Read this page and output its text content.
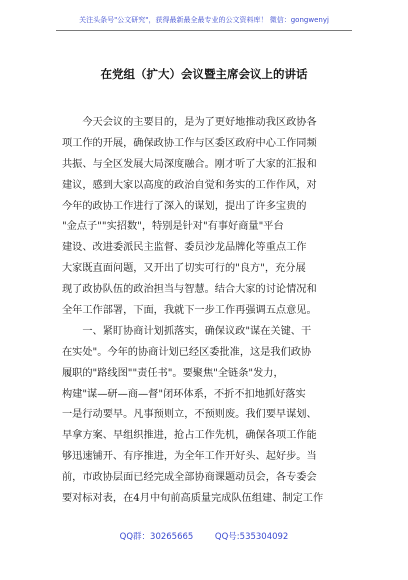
关注头条号"公文研究"，获得最新最全最专业的公文资料库！ 微信：gongwenyj
在党组（扩大）会议暨主席会议上的讲话
　　今天会议的主要目的，是为了更好地推动我区政协各
项工作的开展，确保政协工作与区委区政府中心工作同频
共振、与全区发展大局深度融合。刚才听了大家的汇报和
建议，感到大家以高度的政治自觉和务实的工作作风，对
今年的政协工作进行了深入的谋划，提出了许多宝贵的
"金点子""实招数"，特别是针对"有事好商量"平台
建设、改进委派民主监督、委员沙龙品牌化等重点工作
大家既直面问题，又开出了切实可行的"良方"，充分展
现了政协队伍的政治担当与智慧。结合大家的讨论情况和
全年工作部署，下面，我就下一步工作再强调五点意见。
　　一、紧盯协商计划抓落实，确保议政"谋在关键、干
在实处"。今年的协商计划已经区委批准，这是我们政协
履职的"路线图""责任书"。要聚焦"全链条"发力，
构建"谋—研—商—督"闭环体系，不折不扣地抓好落实
一是行动要早。凡事预则立，不预则废。我们要早谋划、
早拿方案、早组织推进，抢占工作先机，确保各项工作能
够迅速铺开、有序推进，为全年工作开好头、起好步。当
前，市政协层面已经完成全部协商课题动员会，各专委会
要对标对表，在4月中旬前高质量完成队伍组建、制定工作
QQ群：30265665        QQ号:535304092
